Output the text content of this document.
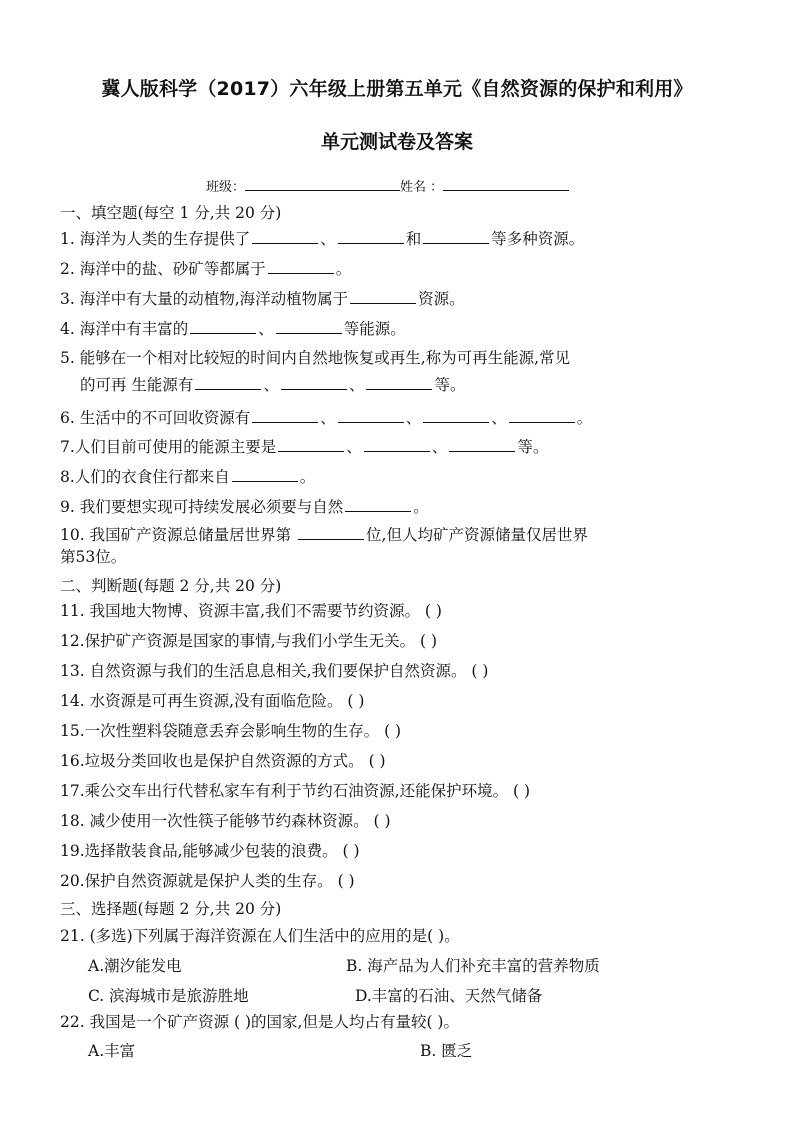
冀人版科学（2017）六年级上册第五单元《自然资源的保护和利用》
单元测试卷及答案
班级：	姓名 ：
一、填空题(每空 1 分,共 20 分)
1. 海洋为人类的生存提供了	、	和	等多种资源。
2. 海洋中的盐、砂矿等都属于	。
3. 海洋中有大量的动植物,海洋动植物属于	资源。
4. 海洋中有丰富的	、	等能源。
5. 能够在一个相对比较短的时间内自然地恢复或再生,称为可再生能源,常见
的可再 生能源有	、	、	等。
6. 生活中的不可回收资源有	、	、	、	。
7.人们目前可使用的能源主要是	、	、	等。
8.人们的衣食住行都来自	。
9. 我们要想实现可持续发展必须要与自然	。
10. 我国矿产资源总储量居世界第	位,但人均矿产资源储量仅居世界
第53位。
二、判断题(每题 2 分,共 20 分)
11. 我国地大物博、资源丰富,我们不需要节约资源。 ( )
12.保护矿产资源是国家的事情,与我们小学生无关。 ( )
13. 自然资源与我们的生活息息相关,我们要保护自然资源。 ( )
14. 水资源是可再生资源,没有面临危险。 ( )
15.一次性塑料袋随意丢弃会影响生物的生存。 ( )
16.垃圾分类回收也是保护自然资源的方式。 ( )
17.乘公交车出行代替私家车有利于节约石油资源,还能保护环境。 ( )
18. 减少使用一次性筷子能够节约森林资源。 ( )
19.选择散装食品,能够减少包装的浪费。 ( )
20.保护自然资源就是保护人类的生存。 ( )
三、选择题(每题 2 分,共 20 分)
21. (多选)下列属于海洋资源在人们生活中的应用的是( )。
A.潮汐能发电	B. 海产品为人们补充丰富的营养物质
C. 滨海城市是旅游胜地	D.丰富的石油、天然气储备
22. 我国是一个矿产资源 ( )的国家,但是人均占有量较( )。
A.丰富	B. 匮乏
